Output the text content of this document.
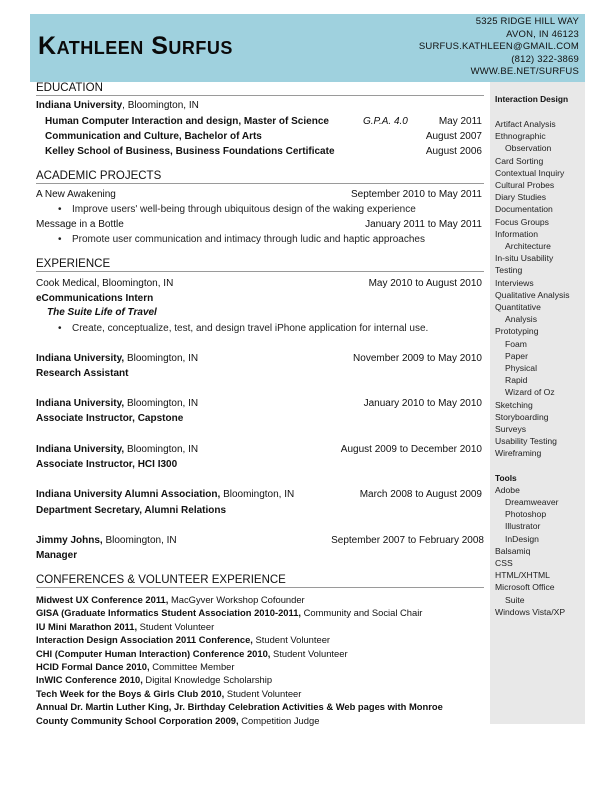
KATHLEEN SURFUS
5325 RIDGE HILL WAY
AVON, IN 46123
SURFUS.KATHLEEN@GMAIL.COM
(812) 322-3869
WWW.BE.NET/SURFUS
Interaction Design
Artifact Analysis
Ethnographic
Observation
Card Sorting
Contextual Inquiry
Cultural Probes
Diary Studies
Documentation
Focus Groups
Information
Architecture
In-situ Usability
Testing
Interviews
Qualitative Analysis
Quantitative
Analysis
Prototyping
Foam
Paper
Physical
Rapid
Wizard of Oz
Sketching
Storyboarding
Surveys
Usability Testing
Wireframing
Tools
Adobe
Dreamweaver
Photoshop
Illustrator
InDesign
Balsamiq
CSS
HTML/XHTML
Microsoft Office
Suite
Windows Vista/XP
EDUCATION
Indiana University, Bloomington, IN
Human Computer Interaction and design, Master of Science	G.P.A. 4.0	May 2011
Communication and Culture, Bachelor of Arts	August 2007
Kelley School of Business, Business Foundations Certificate	August 2006
ACADEMIC PROJECTS
A New Awakening	September 2010 to May 2011
• Improve users' well-being through ubiquitous design of the waking experience
Message in a Bottle	January 2011 to May 2011
• Promote user communication and intimacy through ludic and haptic approaches
EXPERIENCE
Cook Medical, Bloomington, IN	May 2010 to August 2010
eCommunications Intern
The Suite Life of Travel
• Create, conceptualize, test, and design travel iPhone application for internal use.
Indiana University, Bloomington, IN	November 2009 to May 2010
Research Assistant
Indiana University, Bloomington, IN	January 2010 to May 2010
Associate Instructor, Capstone
Indiana University, Bloomington, IN	August 2009 to December 2010
Associate Instructor, HCI I300
Indiana University Alumni Association, Bloomington, IN	March 2008 to August 2009
Department Secretary, Alumni Relations
Jimmy Johns, Bloomington, IN	September 2007 to February 2008
Manager
CONFERENCES & VOLUNTEER EXPERIENCE
Midwest UX Conference 2011, MacGyver Workshop Cofounder
GISA (Graduate Informatics Student Association 2010-2011, Community and Social Chair
IU Mini Marathon 2011, Student Volunteer
Interaction Design Association 2011 Conference, Student Volunteer
CHI (Computer Human Interaction) Conference 2010, Student Volunteer
HCID Formal Dance 2010, Committee Member
InWIC Conference 2010, Digital Knowledge Scholarship
Tech Week for the Boys & Girls Club 2010, Student Volunteer
Annual Dr. Martin Luther King, Jr. Birthday Celebration Activities & Web pages with Monroe
County Community School Corporation 2009, Competition Judge
